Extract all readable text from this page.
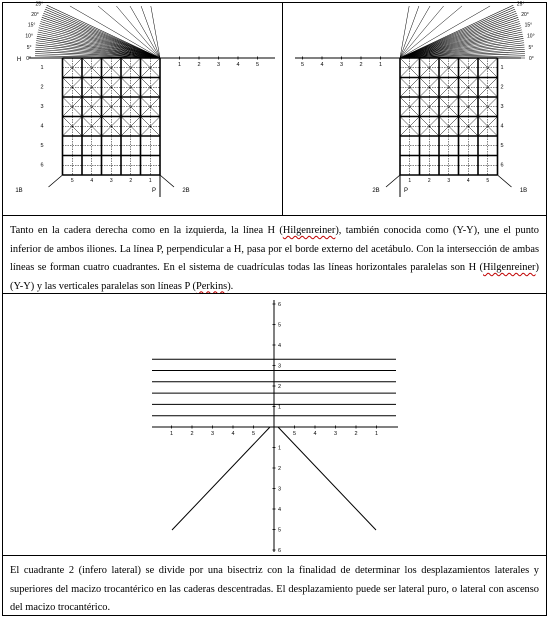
25°
20°
15°
10°
5°
0°
1	2	3	4	5
1
2
3
4
5
6
5	4	3	2	1
1B	P	2B
H
25°
20°
15°
10°
5°
0°
5	4	3	2	1	1
2
3
4
5
6
1	2	3	4	5
2B	P	1B

Tanto en la cadera derecha como en la izquierda, la línea H (Hilgenreiner), también conocida como (Y-Y), une el punto inferior de ambos iliones. La línea P, perpendicular a H, pasa por el borde externo del acetábulo. Con la intersección de ambas líneas se forman cuatro cuadrantes. En el sistema de cuadrículas todas las líneas horizontales paralelas son H (Hilgenreiner) (Y-Y) y las verticales paralelas son líneas P (Perkins).

1	2	3	4	5	5	4	3	2	1
1
2
3
4
5
6
1
2
3
4
5
6

El cuadrante 2 (infero lateral) se divide por una bisectriz con la finalidad de determinar los desplazamientos laterales y superiores del macizo trocantérico en las caderas descentradas. El desplazamiento puede ser lateral puro, o lateral con ascenso del macizo trocantérico.
